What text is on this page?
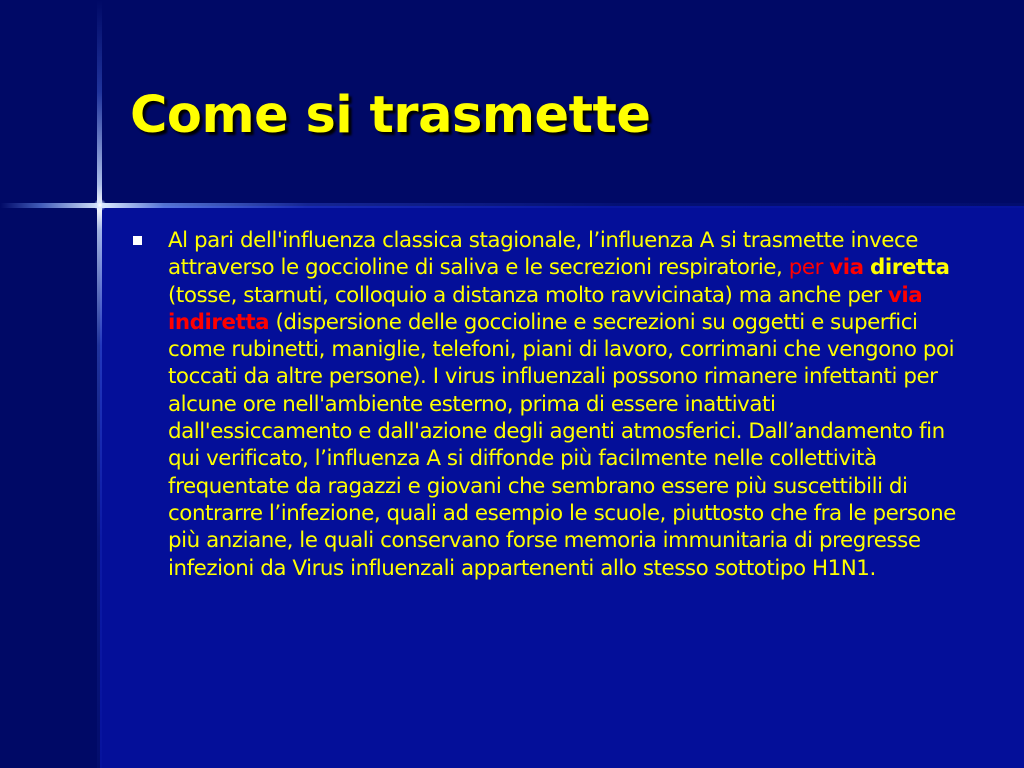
Come si trasmette

Al pari dell'influenza classica stagionale, l’influenza A si trasmette invece attraverso le goccioline di saliva e le secrezioni respiratorie, per via diretta (tosse, starnuti, colloquio a distanza molto ravvicinata) ma anche per via indiretta (dispersione delle goccioline e secrezioni su oggetti e superfici come rubinetti, maniglie, telefoni, piani di lavoro, corrimani che vengono poi toccati da altre persone). I virus influenzali possono rimanere infettanti per alcune ore nell'ambiente esterno, prima di essere inattivati dall'essiccamento e dall'azione degli agenti atmosferici. Dall’andamento fin qui verificato, l’influenza A si diffonde più facilmente nelle collettività frequentate da ragazzi e giovani che sembrano essere più suscettibili di contrarre l’infezione, quali ad esempio le scuole, piuttosto che fra le persone più anziane, le quali conservano forse memoria immunitaria di pregresse infezioni da Virus influenzali appartenenti allo stesso sottotipo H1N1.
